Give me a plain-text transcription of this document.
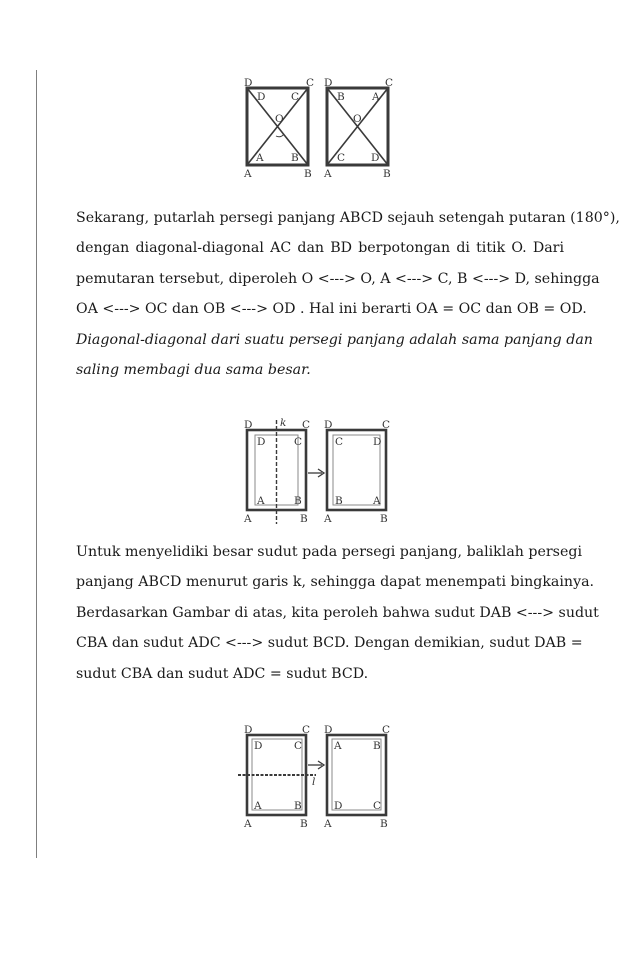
D	C
A	B
D C
A	B
O
D	C
A	B
B	A
C D
O
Sekarang, putarlah persegi panjang ABCD sejauh setengah putaran (180°),
dengan diagonal-diagonal AC dan BD berpotongan di titik O. Dari
pemutaran tersebut, diperoleh O <---> O, A <---> C, B <---> D, sehingga
OA <---> OC dan OB <---> OD . Hal ini berarti OA = OC dan OB = OD.
Diagonal-diagonal dari suatu persegi panjang adalah sama panjang dan
saling membagi dua sama besar.
k
D	C
A	B
D	C
A	B
D	C
A	B
C	D
B	A
Untuk menyelidiki besar sudut pada persegi panjang, baliklah persegi
panjang ABCD menurut garis k, sehingga dapat menempati bingkainya.
Berdasarkan Gambar di atas, kita peroleh bahwa sudut DAB <---> sudut
CBA dan sudut ADC <---> sudut BCD. Dengan demikian, sudut DAB =
sudut CBA dan sudut ADC = sudut BCD.
l
D	C
A	B
D	C
A	B
D	C
A	B
A	B
D	C
